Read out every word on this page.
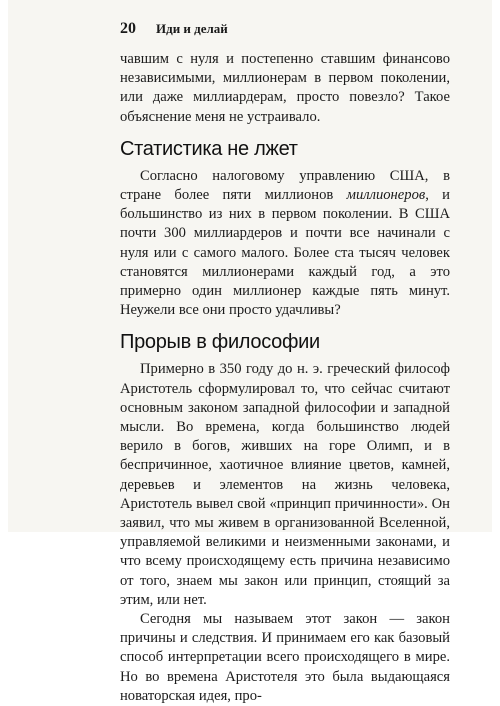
20 Иди и делай

чавшим с нуля и постепенно ставшим финансово независимыми, миллионерам в первом поколении, или даже миллиардерам, просто повезло? Такое объяснение меня не устраивало.

Статистика не лжет

Согласно налоговому управлению США, в стране более пяти миллионов миллионеров, и большинство из них в первом поколении. В США почти 300 миллиардеров и почти все начинали с нуля или с самого малого. Более ста тысяч человек становятся миллионерами каждый год, а это примерно один миллионер каждые пять минут. Неужели все они просто удачливы?

Прорыв в философии

Примерно в 350 году до н. э. греческий философ Аристотель сформулировал то, что сейчас считают основным законом западной философии и западной мысли. Во времена, когда большинство людей верило в богов, живших на горе Олимп, и в беспричинное, хаотичное влияние цветов, камней, деревьев и элементов на жизнь человека, Аристотель вывел свой «принцип причинности». Он заявил, что мы живем в организованной Вселенной, управляемой великими и неизменными законами, и что всему происходящему есть причина независимо от того, знаем мы закон или принцип, стоящий за этим, или нет.

Сегодня мы называем этот закон — закон причины и следствия. И принимаем его как базовый способ интерпретации всего происходящего в мире. Но во времена Аристотеля это была выдающаяся новаторская идея, про-
